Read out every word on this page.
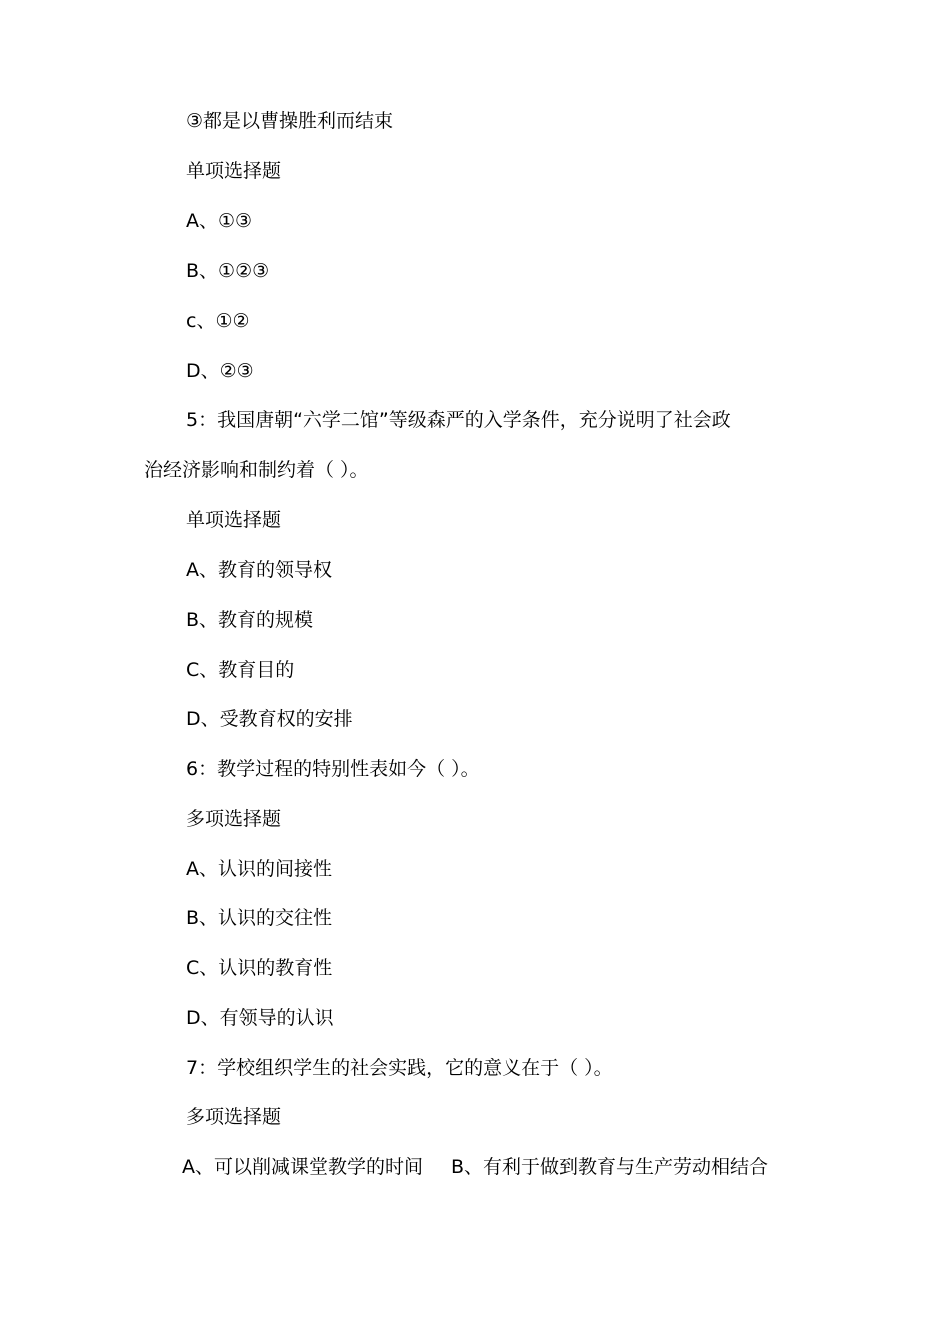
③都是以曹操胜利而结束
单项选择题
A、①③
B、①②③
c、①②
D、②③
5：我国唐朝“六学二馆”等级森严的入学条件，充分说明了社会政
治经济影响和制约着（ ）。
单项选择题
A、教育的领导权
B、教育的规模
C、教育目的
D、受教育权的安排
6：教学过程的特别性表如今（ ）。
多项选择题
A、认识的间接性
B、认识的交往性
C、认识的教育性
D、有领导的认识
7：学校组织学生的社会实践，它的意义在于（ ）。
多项选择题
A、可以削减课堂教学的时间 B、有利于做到教育与生产劳动相结合
